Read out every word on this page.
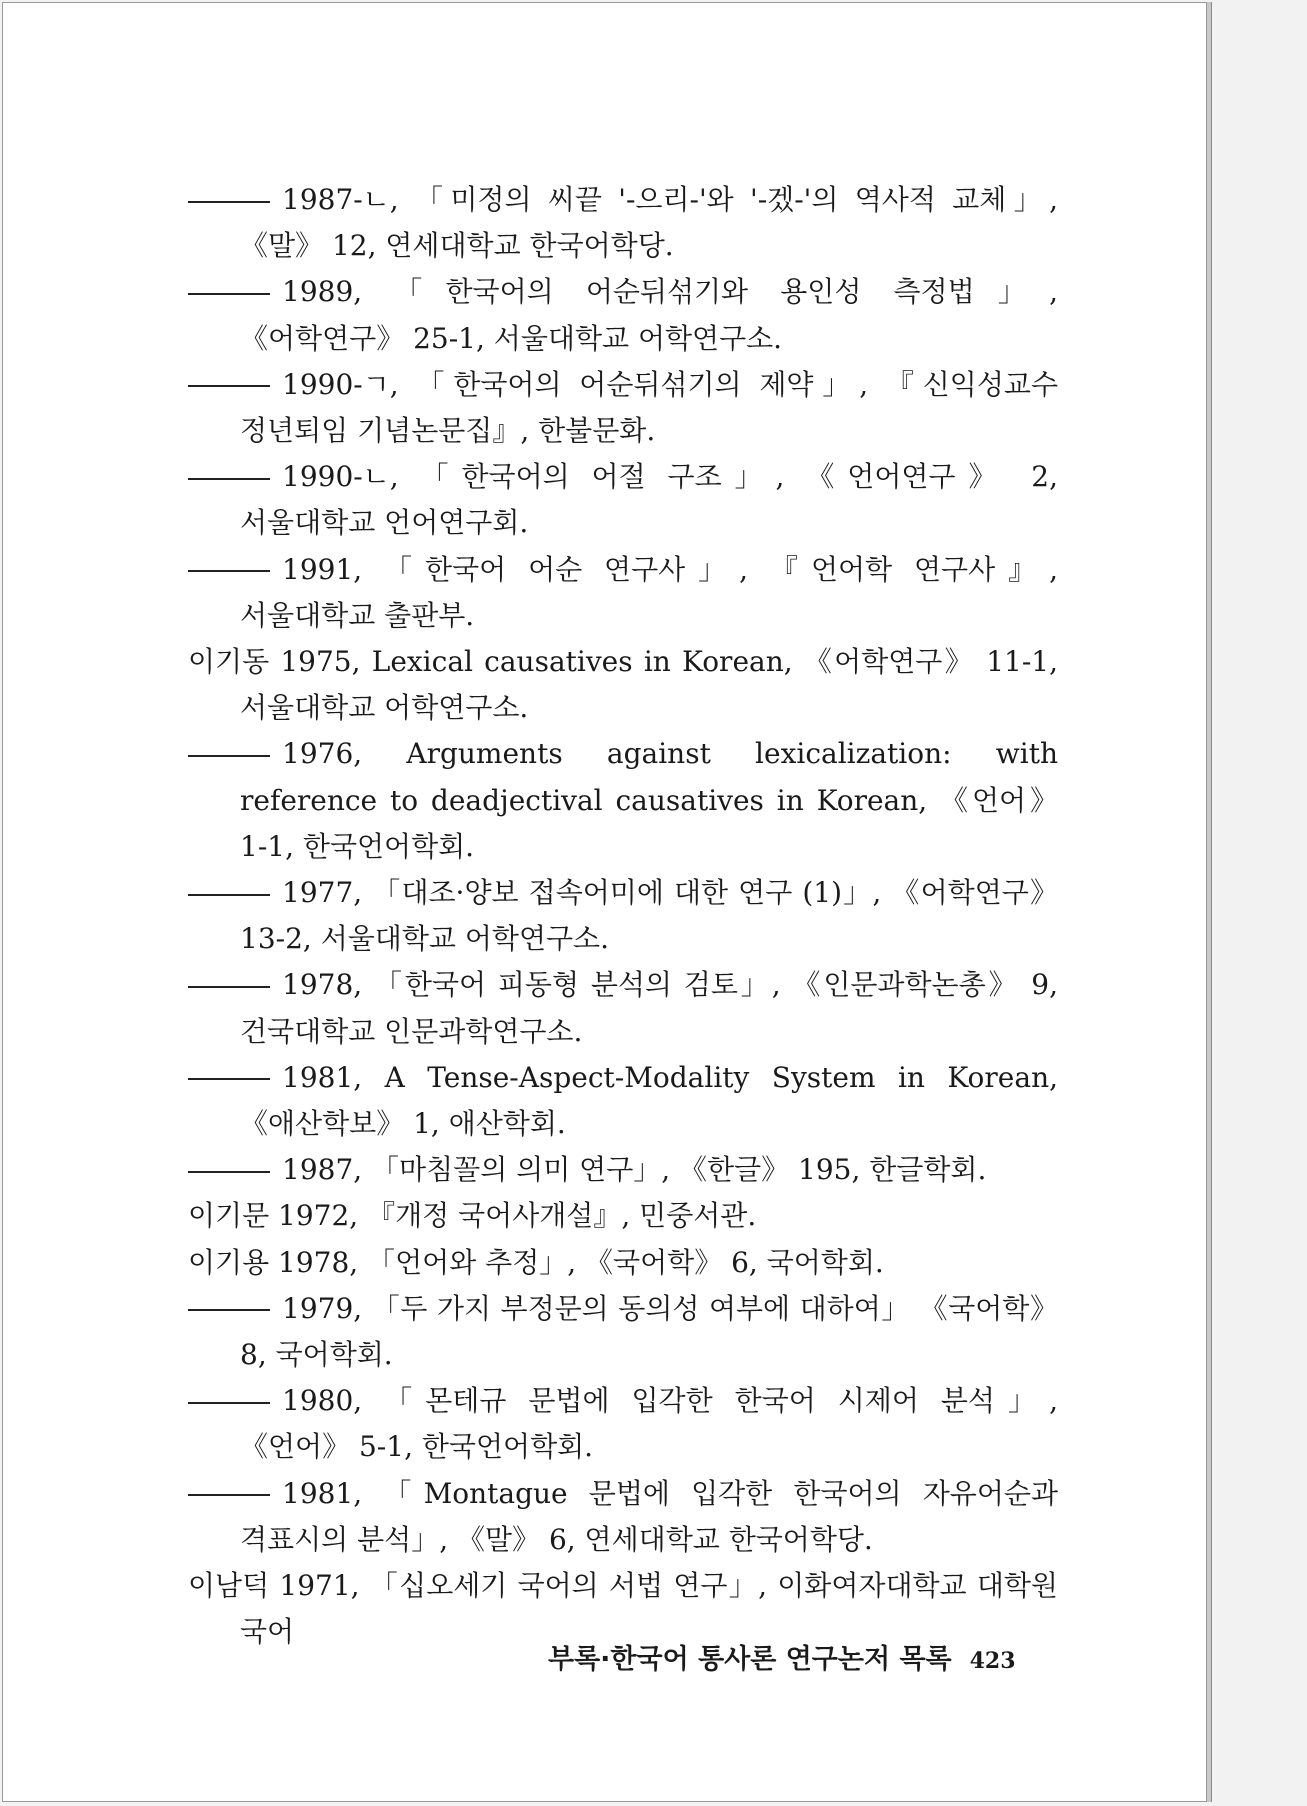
1987-ㄴ, 「미정의 씨끝 '-으리-'와 '-겠-'의 역사적 교체」, 《말》 12, 연세대학교 한국어학당.
1989, 「한국어의 어순뒤섞기와 용인성 측정법」, 《어학연구》 25-1, 서울대학교 어학연구소.
1990-ㄱ, 「한국어의 어순뒤섞기의 제약」, 『신익성교수 정년퇴임 기념논문집』, 한불문화.
1990-ㄴ, 「한국어의 어절 구조」, 《언어연구》 2, 서울대학교 언어연구회.
1991, 「한국어 어순 연구사」, 『언어학 연구사』, 서울대학교 출판부.
이기동 1975, Lexical causatives in Korean, 《어학연구》 11-1, 서울대학교 어학연구소.
1976, Arguments against lexicalization: with reference to deadjectival causatives in Korean, 《언어》 1-1, 한국언어학회.
1977, 「대조·양보 접속어미에 대한 연구 (1)」, 《어학연구》 13-2, 서울대학교 어학연구소.
1978, 「한국어 피동형 분석의 검토」, 《인문과학논총》 9, 건국대학교 인문과학연구소.
1981, A Tense-Aspect-Modality System in Korean, 《애산학보》 1, 애산학회.
1987, 「마침꼴의 의미 연구」, 《한글》 195, 한글학회.
이기문 1972, 『개정 국어사개설』, 민중서관.
이기용 1978, 「언어와 추정」, 《국어학》 6, 국어학회.
1979, 「두 가지 부정문의 동의성 여부에 대하여」 《국어학》 8, 국어학회.
1980, 「몬테규 문법에 입각한 한국어 시제어 분석」, 《언어》 5-1, 한국언어학회.
1981, 「Montague 문법에 입각한 한국어의 자유어순과 격표시의 분석」, 《말》 6, 연세대학교 한국어학당.
이남덕 1971, 「십오세기 국어의 서법 연구」, 이화여자대학교 대학원 국어
부록·한국어 통사론 연구논저 목록 423
